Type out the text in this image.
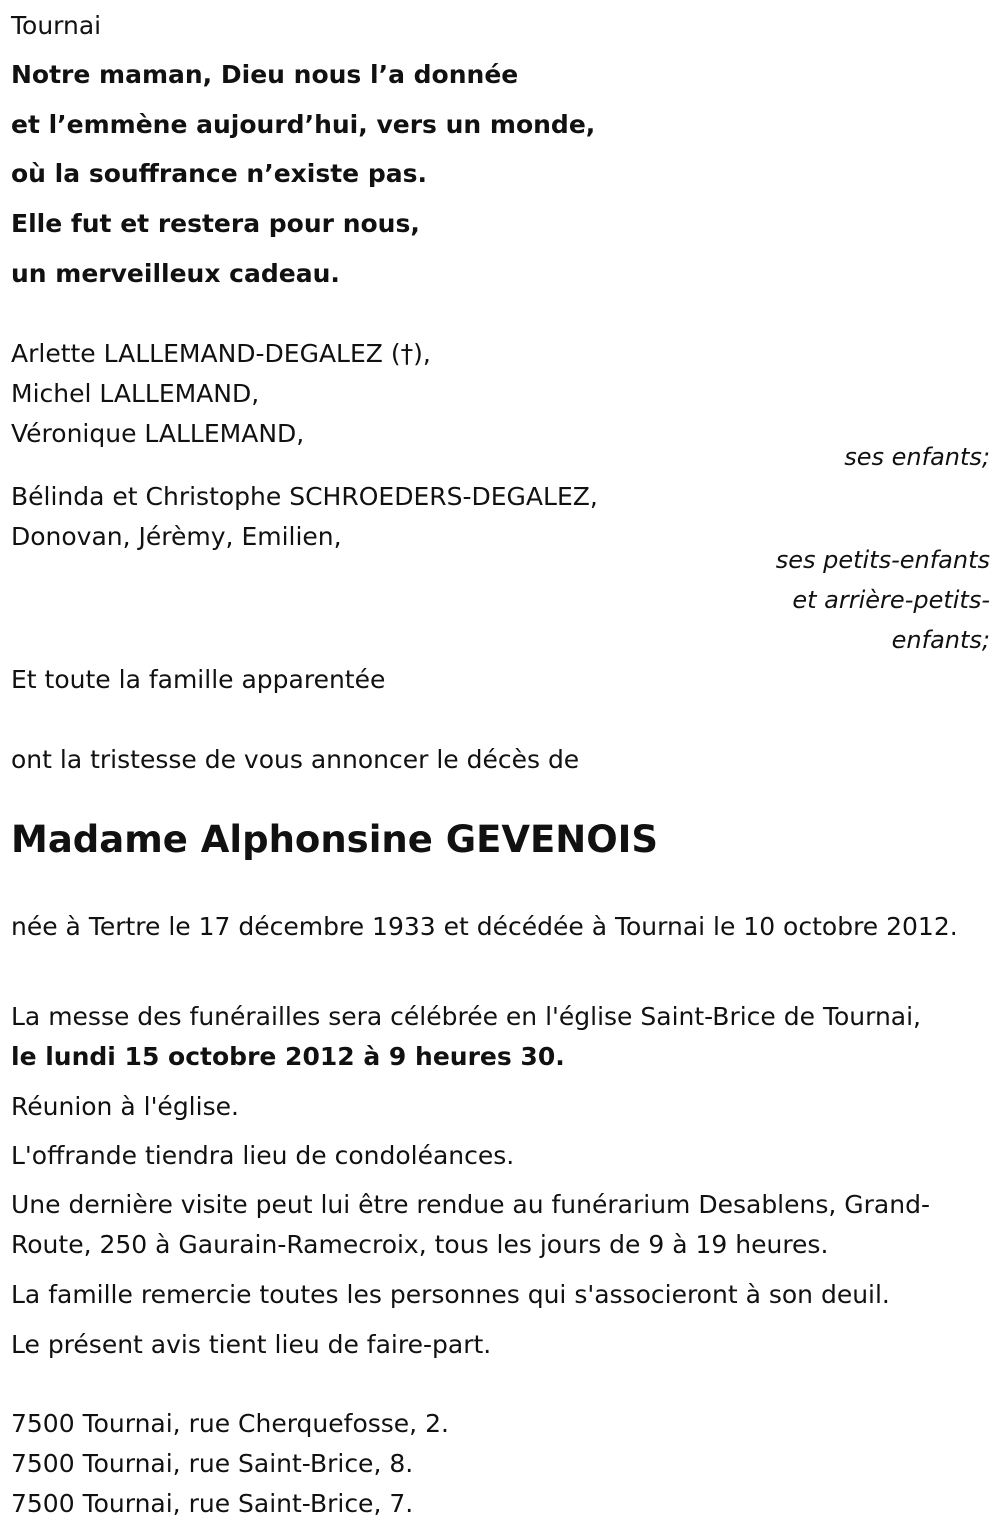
Tournai
Notre maman, Dieu nous l’a donnée
et l’emmène aujourd’hui, vers un monde,
où la souffrance n’existe pas.
Elle fut et restera pour nous,
un merveilleux cadeau.
Arlette LALLEMAND-DEGALEZ (†),
Michel LALLEMAND,
Véronique LALLEMAND,
ses enfants;
Bélinda et Christophe SCHROEDERS-DEGALEZ,
Donovan, Jérèmy, Emilien,
ses petits-enfants
et arrière-petits-
enfants;
Et toute la famille apparentée
ont la tristesse de vous annoncer le décès de
Madame Alphonsine GEVENOIS
née à Tertre le 17 décembre 1933 et décédée à Tournai le 10 octobre 2012.
La messe des funérailles sera célébrée en l'église Saint-Brice de Tournai,
le lundi 15 octobre 2012 à 9 heures 30.
Réunion à l'église.
L'offrande tiendra lieu de condoléances.
Une dernière visite peut lui être rendue au funérarium Desablens, Grand-Route, 250 à Gaurain-Ramecroix, tous les jours de 9 à 19 heures.
La famille remercie toutes les personnes qui s'associeront à son deuil.
Le présent avis tient lieu de faire-part.
7500 Tournai, rue Cherquefosse, 2.
7500 Tournai, rue Saint-Brice, 8.
7500 Tournai, rue Saint-Brice, 7.
